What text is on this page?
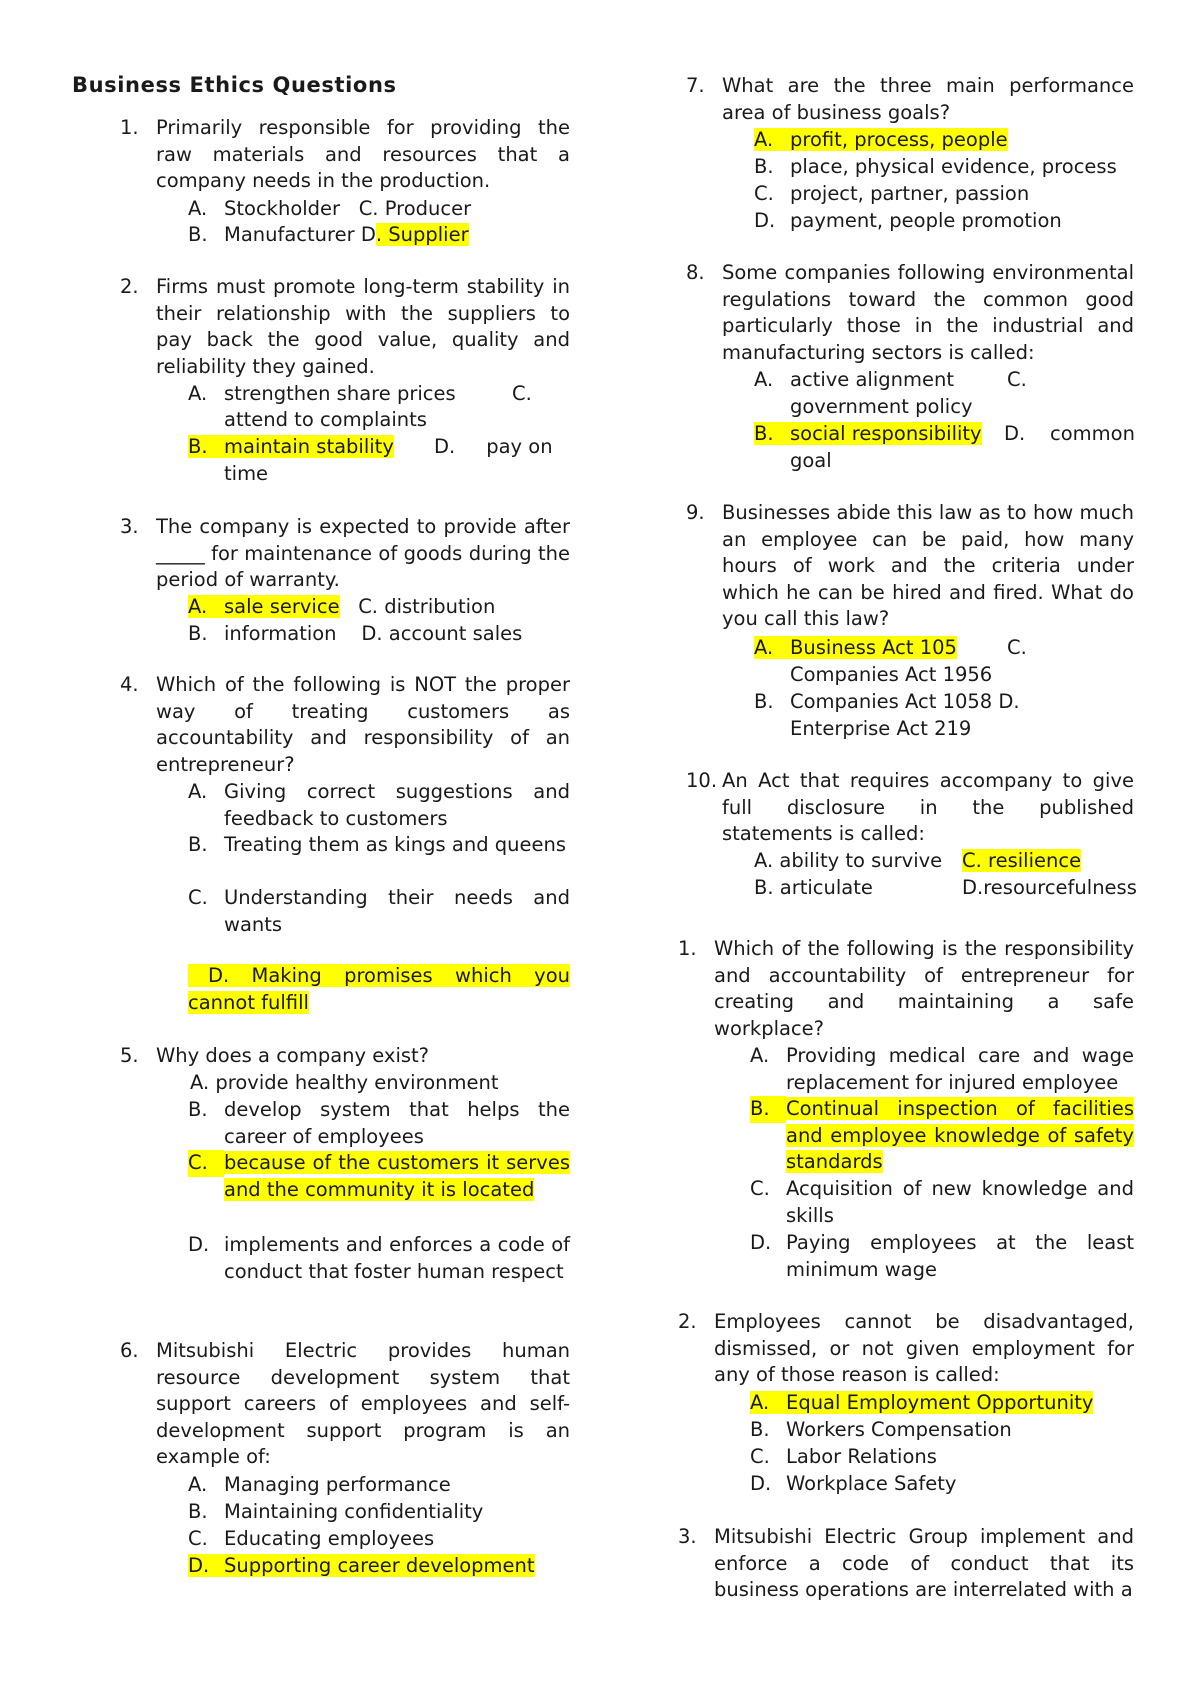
Business Ethics Questions
1. Primarily responsible for providing the raw materials and resources that a company needs in the production.

A. Stockholder C. Producer
B. Manufacturer D. Supplier
2. Firms must promote long-term stability in their relationship with the suppliers to pay back the good value, quality and reliability they gained.

A. strengthen share prices	C.
attend to complaints
B. maintain stability D. pay on
time
3. The company is expected to provide after _____ for maintenance of goods during the period of warranty.

A. sale service C. distribution
B. information D. account sales
4. Which of the following is NOT the proper way of treating customers as accountability and responsibility of an entrepreneur?

A. Giving correct suggestions and feedback to customers
B. Treating them as kings and queens
C. Understanding their needs and wants
D. Making promises which you cannot fulfill
5. Why does a company exist?

A. provide healthy environment
B. develop system that helps the career of employees
C. because of the customers it serves and the community it is located
D. implements and enforces a code of conduct that foster human respect
6. Mitsubishi Electric provides human resource development system that support careers of employees and self-development support program is an example of:

A. Managing performance
B. Maintaining confidentiality
C. Educating employees
D. Supporting career development
7. What are the three main performance area of business goals?

A. profit, process, people
B. place, physical evidence, process
C. project, partner, passion
D. payment, people promotion
8. Some companies following environmental regulations toward the common good particularly those in the industrial and manufacturing sectors is called:

A. active alignment	C.
government policy
B. social responsibility D. common
goal
9. Businesses abide this law as to how much an employee can be paid, how many hours of work and the criteria under which he can be hired and fired. What do you call this law?

A. Business Act 105	C.
Companies Act 1956
B. Companies Act 1058 D.
Enterprise Act 219
10. An Act that requires accompany to give full disclosure in the published statements is called:

A. ability to survive C. resilience
B. articulate	D.resourcefulness
1. Which of the following is the responsibility and accountability of entrepreneur for creating and maintaining a safe workplace?

A. Providing medical care and wage replacement for injured employee
B. Continual inspection of facilities and employee knowledge of safety standards
C. Acquisition of new knowledge and skills
D. Paying employees at the least minimum wage
2. Employees cannot be disadvantaged, dismissed, or not given employment for any of those reason is called:

A. Equal Employment Opportunity
B. Workers Compensation
C. Labor Relations
D. Workplace Safety
3. Mitsubishi Electric Group implement and enforce a code of conduct that its business operations are interrelated with a
